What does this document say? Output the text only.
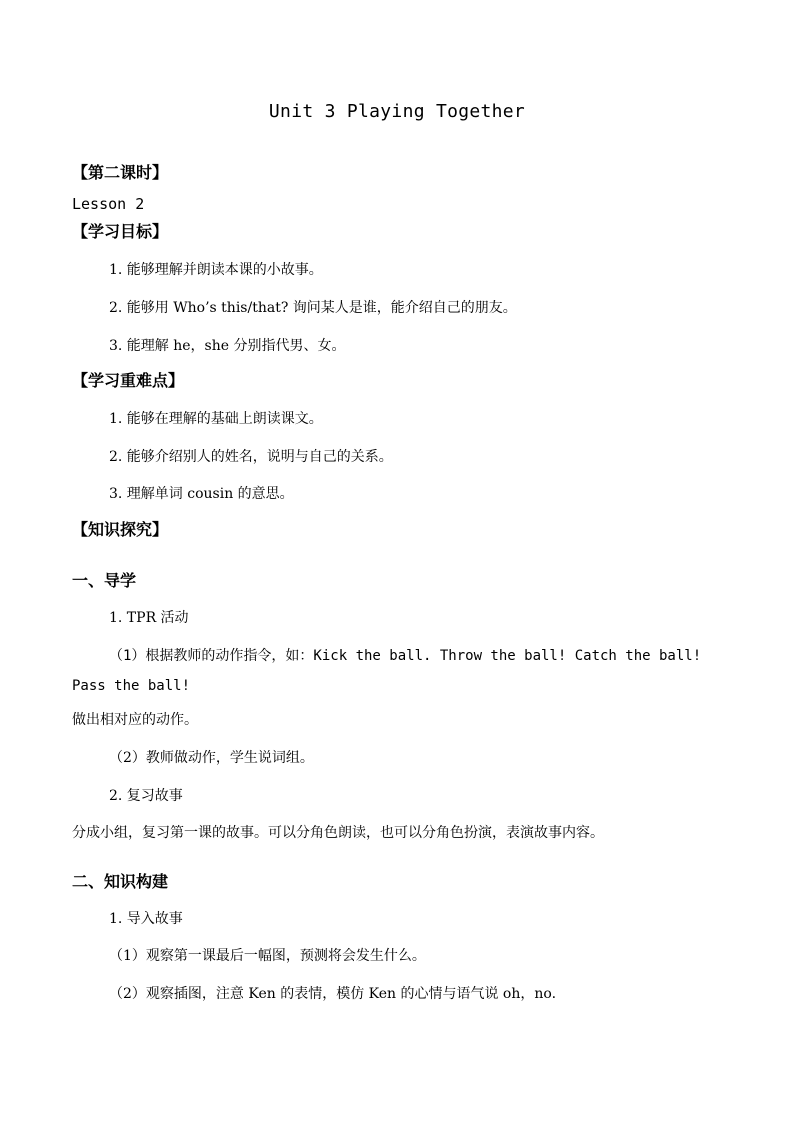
Unit 3 Playing Together
【第二课时】
Lesson 2
【学习目标】
1. 能够理解并朗读本课的小故事。
2. 能够用 Who’s this/that? 询问某人是谁，能介绍自己的朋友。
3. 能理解 he，she 分别指代男、女。
【学习重难点】
1. 能够在理解的基础上朗读课文。
2. 能够介绍别人的姓名，说明与自己的关系。
3. 理解单词 cousin 的意思。
【知识探究】
一、导学
1. TPR 活动
（1）根据教师的动作指令，如：Kick the ball. Throw the ball! Catch the ball!
Pass the ball!
做出相对应的动作。
（2）教师做动作，学生说词组。
2. 复习故事
分成小组，复习第一课的故事。可以分角色朗读，也可以分角色扮演，表演故事内容。
二、知识构建
1. 导入故事
（1）观察第一课最后一幅图，预测将会发生什么。
（2）观察插图，注意 Ken 的表情，模仿 Ken 的心情与语气说 oh，no.
